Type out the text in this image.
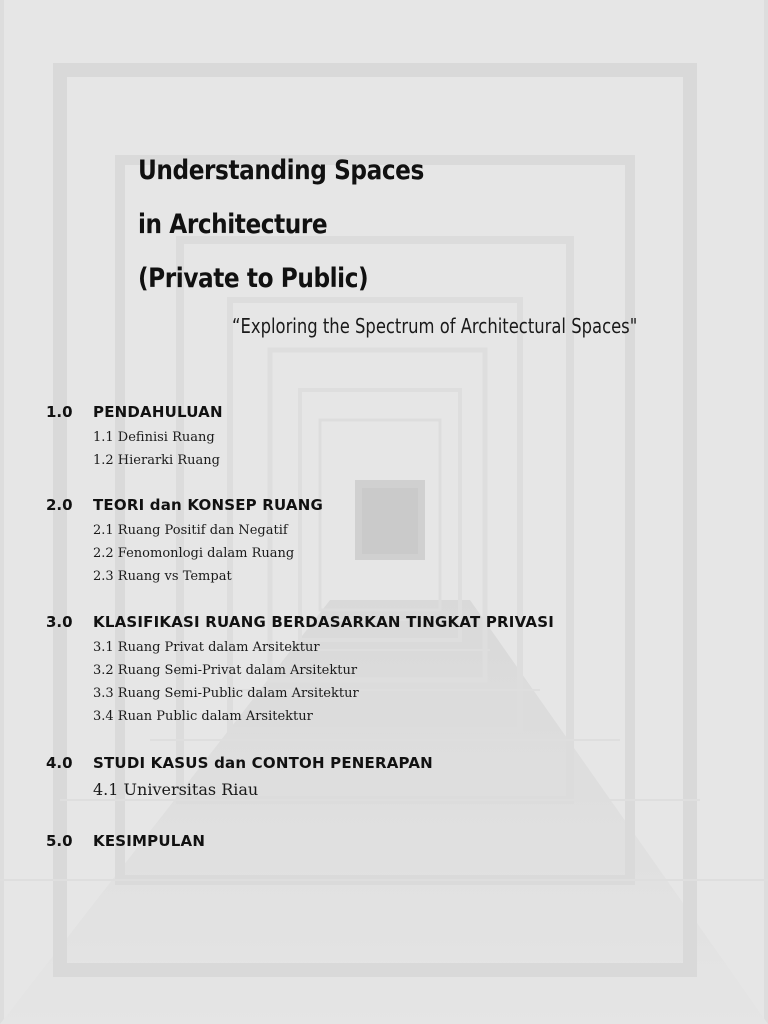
Understanding Spaces
in Architecture
(Private to Public)
“Exploring the Spectrum of Architectural Spaces"
1.0	PENDAHULUAN
1.1 Definisi Ruang
1.2 Hierarki Ruang
2.0	TEORI dan KONSEP RUANG
2.1 Ruang Positif dan Negatif
2.2 Fenomonlogi dalam Ruang
2.3 Ruang vs Tempat
3.0	KLASIFIKASI RUANG BERDASARKAN TINGKAT PRIVASI
3.1 Ruang Privat dalam Arsitektur
3.2 Ruang Semi-Privat dalam Arsitektur
3.3 Ruang Semi-Public dalam Arsitektur
3.4 Ruan Public dalam Arsitektur
4.0	STUDI KASUS dan CONTOH PENERAPAN
4.1 Universitas Riau
5.0	KESIMPULAN
